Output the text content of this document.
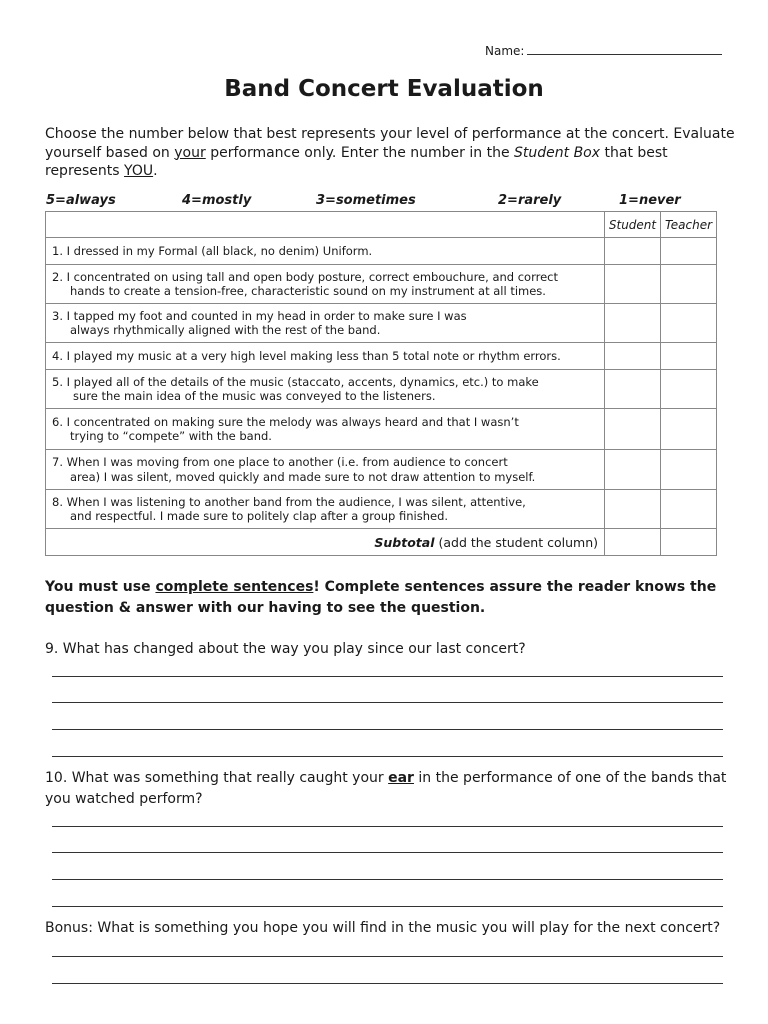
Name:
Band Concert Evaluation
Choose the number below that best represents your level of performance at the concert. Evaluate yourself based on your performance only. Enter the number in the Student Box that best represents YOU.
5=always	4=mostly	3=sometimes	2=rarely	1=never
	Student	Teacher

1. I dressed in my Formal (all black, no denim) Uniform.		

2. I concentrated on using tall and open body posture, correct embouchure, and correct
hands to create a tension-free, characteristic sound on my instrument at all times.		

3. I tapped my foot and counted in my head in order to make sure I was
always rhythmically aligned with the rest of the band.		

4. I played my music at a very high level making less than 5 total note or rhythm errors.		

5. I played all of the details of the music (staccato, accents, dynamics, etc.) to make
sure the main idea of the music was conveyed to the listeners.		

6. I concentrated on making sure the melody was always heard and that I wasn’t
trying to “compete” with the band.		

7. When I was moving from one place to another (i.e. from audience to concert
area) I was silent, moved quickly and made sure to not draw attention to myself.		

8. When I was listening to another band from the audience, I was silent, attentive,
and respectful. I made sure to politely clap after a group finished.		

Subtotal (add the student column)		
You must use complete sentences! Complete sentences assure the reader knows the question & answer with our having to see the question.
9. What has changed about the way you play since our last concert?
10. What was something that really caught your ear in the performance of one of the bands that you watched perform?
Bonus: What is something you hope you will find in the music you will play for the next concert?
